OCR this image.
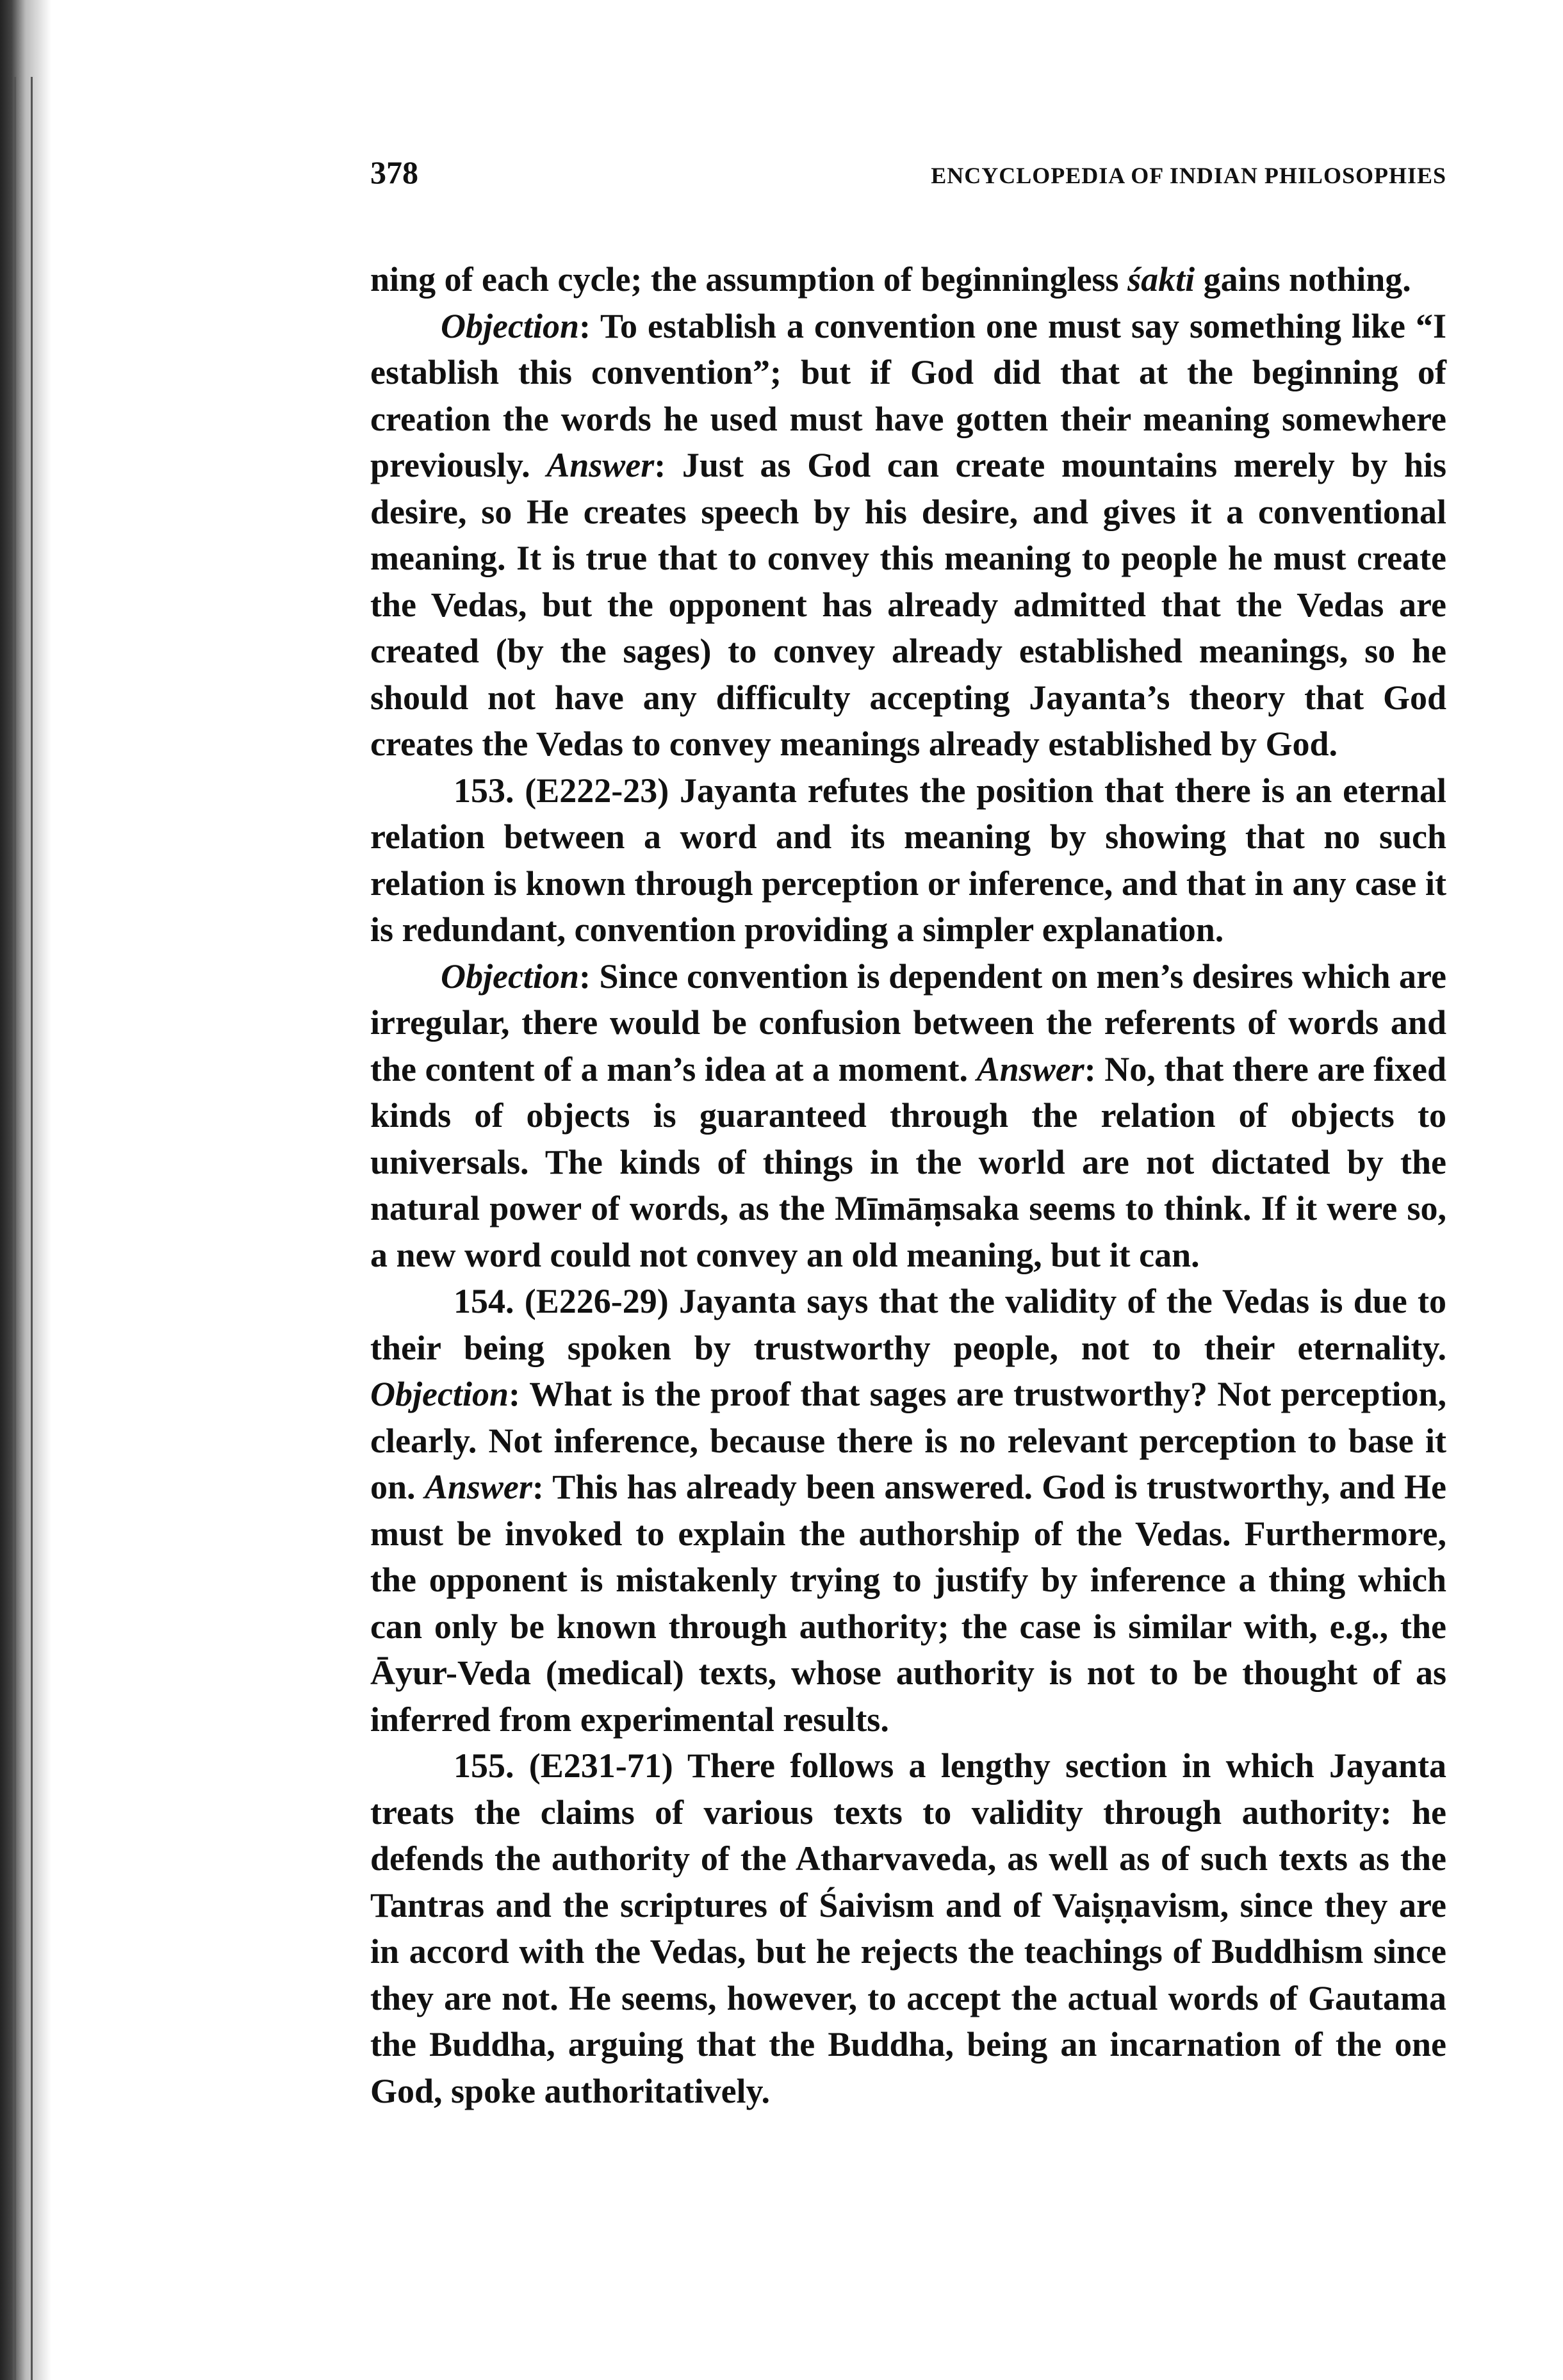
378	ENCYCLOPEDIA OF INDIAN PHILOSOPHIES

ning of each cycle; the assumption of beginningless śakti gains nothing.

Objection: To establish a convention one must say something like “I establish this convention”; but if God did that at the beginning of creation the words he used must have gotten their meaning somewhere previously. Answer: Just as God can create mountains merely by his desire, so He creates speech by his desire, and gives it a conventional meaning. It is true that to convey this meaning to people he must create the Vedas, but the opponent has already admitted that the Vedas are created (by the sages) to convey already established meanings, so he should not have any difficulty accepting Jayanta’s theory that God creates the Vedas to convey meanings already established by God.

153. (E222-23) Jayanta refutes the position that there is an eternal relation between a word and its meaning by showing that no such relation is known through perception or inference, and that in any case it is redundant, convention providing a simpler explanation.

Objection: Since convention is dependent on men’s desires which are irregular, there would be confusion between the referents of words and the content of a man’s idea at a moment. Answer: No, that there are fixed kinds of objects is guaranteed through the relation of objects to universals. The kinds of things in the world are not dictated by the natural power of words, as the Mīmāṃsaka seems to think. If it were so, a new word could not convey an old meaning, but it can.

154. (E226-29) Jayanta says that the validity of the Vedas is due to their being spoken by trustworthy people, not to their eternality. Objection: What is the proof that sages are trustworthy? Not perception, clearly. Not inference, because there is no relevant perception to base it on. Answer: This has already been answered. God is trustworthy, and He must be invoked to explain the authorship of the Vedas. Furthermore, the opponent is mistakenly trying to justify by inference a thing which can only be known through authority; the case is similar with, e.g., the Āyur-Veda (medical) texts, whose authority is not to be thought of as inferred from experimental results.

155. (E231-71) There follows a lengthy section in which Jayanta treats the claims of various texts to validity through authority: he defends the authority of the Atharvaveda, as well as of such texts as the Tantras and the scriptures of Śaivism and of Vaiṣṇavism, since they are in accord with the Vedas, but he rejects the teachings of Buddhism since they are not. He seems, however, to accept the actual words of Gautama the Buddha, arguing that the Buddha, being an incarnation of the one God, spoke authoritatively.
